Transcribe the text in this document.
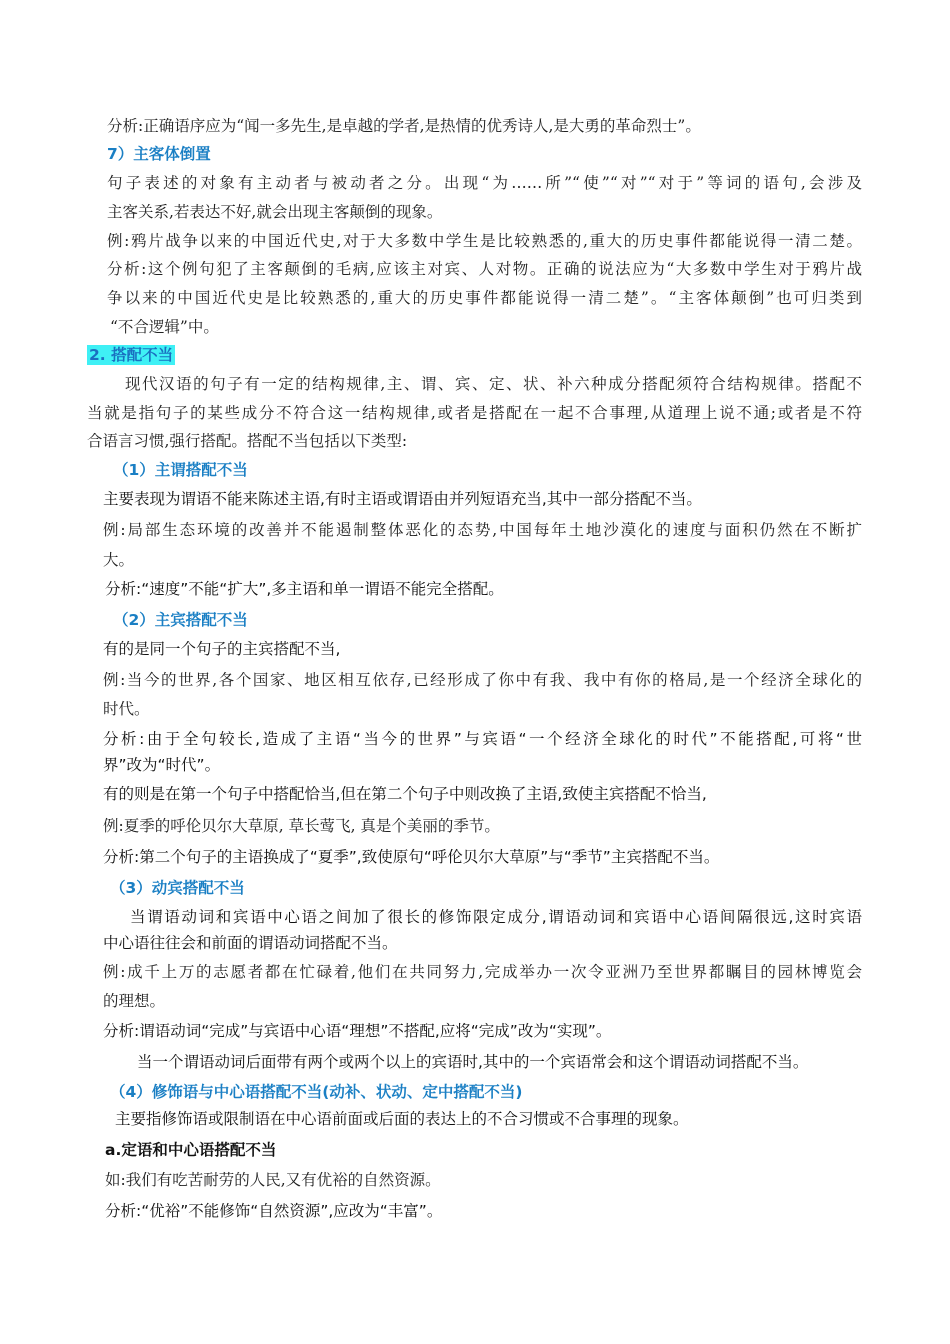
分析:正确语序应为“闻一多先生,是卓越的学者,是热情的优秀诗人,是大勇的革命烈士”。
7）主客体倒置
句子表述的对象有主动者与被动者之分。出现“为……所”“使”“对”“对于”等词的语句,会涉及
主客关系,若表达不好,就会出现主客颠倒的现象。
例:鸦片战争以来的中国近代史,对于大多数中学生是比较熟悉的,重大的历史事件都能说得一清二楚。
分析:这个例句犯了主客颠倒的毛病,应该主对宾、人对物。正确的说法应为“大多数中学生对于鸦片战
争以来的中国近代史是比较熟悉的,重大的历史事件都能说得一清二楚”。“主客体颠倒”也可归类到
“不合逻辑”中。
2. 搭配不当
现代汉语的句子有一定的结构规律,主、谓、宾、定、状、补六种成分搭配须符合结构规律。搭配不
当就是指句子的某些成分不符合这一结构规律,或者是搭配在一起不合事理,从道理上说不通;或者是不符
合语言习惯,强行搭配。搭配不当包括以下类型:
（1）主谓搭配不当
主要表现为谓语不能来陈述主语,有时主语或谓语由并列短语充当,其中一部分搭配不当。
例:局部生态环境的改善并不能遏制整体恶化的态势,中国每年土地沙漠化的速度与面积仍然在不断扩
大。
分析:“速度”不能“扩大”,多主语和单一谓语不能完全搭配。
（2）主宾搭配不当
有的是同一个句子的主宾搭配不当,
例:当今的世界,各个国家、地区相互依存,已经形成了你中有我、我中有你的格局,是一个经济全球化的
时代。
分析:由于全句较长,造成了主语“当今的世界”与宾语“一个经济全球化的时代”不能搭配,可将“世
界”改为“时代”。
有的则是在第一个句子中搭配恰当,但在第二个句子中则改换了主语,致使主宾搭配不恰当,
例:夏季的呼伦贝尔大草原, 草长莺飞, 真是个美丽的季节。
分析:第二个句子的主语换成了“夏季”,致使原句“呼伦贝尔大草原”与“季节”主宾搭配不当。
（3）动宾搭配不当
当谓语动词和宾语中心语之间加了很长的修饰限定成分,谓语动词和宾语中心语间隔很远,这时宾语
中心语往往会和前面的谓语动词搭配不当。
例:成千上万的志愿者都在忙碌着,他们在共同努力,完成举办一次令亚洲乃至世界都瞩目的园林博览会
的理想。
分析:谓语动词“完成”与宾语中心语“理想”不搭配,应将“完成”改为“实现”。
当一个谓语动词后面带有两个或两个以上的宾语时,其中的一个宾语常会和这个谓语动词搭配不当。
（4）修饰语与中心语搭配不当(动补、状动、定中搭配不当)
主要指修饰语或限制语在中心语前面或后面的表达上的不合习惯或不合事理的现象。
a.定语和中心语搭配不当
如:我们有吃苦耐劳的人民,又有优裕的自然资源。
分析:“优裕”不能修饰“自然资源”,应改为“丰富”。
